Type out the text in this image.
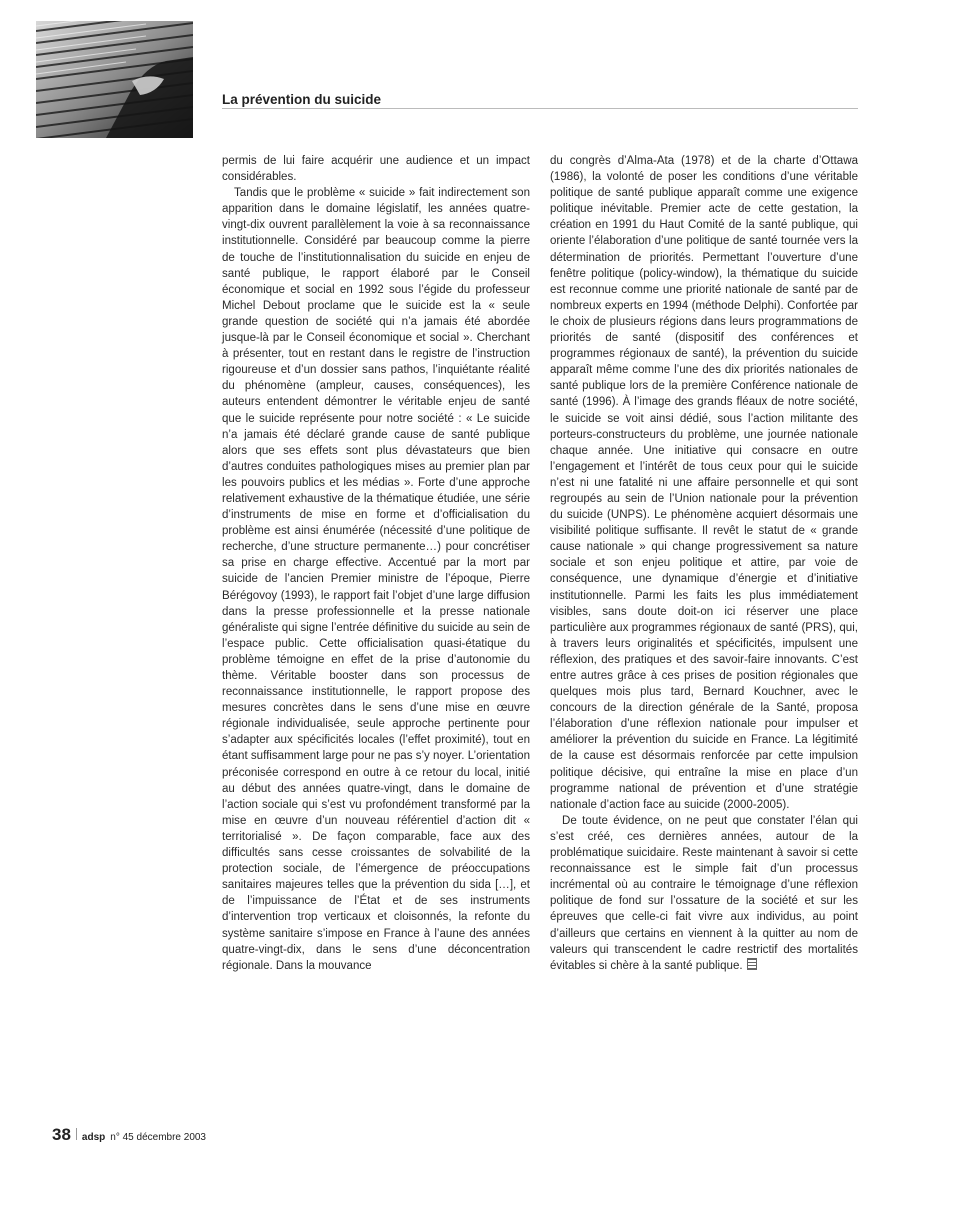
La prévention du suicide

permis de lui faire acquérir une audience et un impact considérables.

Tandis que le problème « suicide » fait indirectement son apparition dans le domaine législatif, les années quatre-vingt-dix ouvrent parallèlement la voie à sa reconnaissance institutionnelle. Considéré par beaucoup comme la pierre de touche de l’institutionnalisation du suicide en enjeu de santé publique, le rapport élaboré par le Conseil économique et social en 1992 sous l’égide du professeur Michel Debout proclame que le suicide est la « seule grande question de société qui n’a jamais été abordée jusque-là par le Conseil économique et social ». Cherchant à présenter, tout en restant dans le registre de l’instruction rigoureuse et d’un dossier sans pathos, l’inquiétante réalité du phénomène (ampleur, causes, conséquences), les auteurs entendent démontrer le véritable enjeu de santé que le suicide représente pour notre société : « Le suicide n’a jamais été déclaré grande cause de santé publique alors que ses effets sont plus dévastateurs que bien d’autres conduites pathologiques mises au premier plan par les pouvoirs publics et les médias ». Forte d’une approche relativement exhaustive de la thématique étudiée, une série d’instruments de mise en forme et d’officialisation du problème est ainsi énumérée (nécessité d’une politique de recherche, d’une structure permanente…) pour concrétiser sa prise en charge effective. Accentué par la mort par suicide de l’ancien Premier ministre de l’époque, Pierre Bérégovoy (1993), le rapport fait l’objet d’une large diffusion dans la presse professionnelle et la presse nationale généraliste qui signe l’entrée définitive du suicide au sein de l’espace public. Cette officialisation quasi-étatique du problème témoigne en effet de la prise d’autonomie du thème. Véritable booster dans son processus de reconnaissance institutionnelle, le rapport propose des mesures concrètes dans le sens d’une mise en œuvre régionale individualisée, seule approche pertinente pour s’adapter aux spécificités locales (l’effet proximité), tout en étant suffisamment large pour ne pas s’y noyer. L’orientation préconisée correspond en outre à ce retour du local, initié au début des années quatre-vingt, dans le domaine de l’action sociale qui s’est vu profondément transformé par la mise en œuvre d’un nouveau référentiel d’action dit « territorialisé ». De façon comparable, face aux des difficultés sans cesse croissantes de solvabilité de la protection sociale, de l’émergence de préoccupations sanitaires majeures telles que la prévention du sida […], et de l’impuissance de l’État et de ses instruments d’intervention trop verticaux et cloisonnés, la refonte du système sanitaire s’impose en France à l’aune des années quatre-vingt-dix, dans le sens d’une déconcentration régionale. Dans la mouvance

du congrès d’Alma-Ata (1978) et de la charte d’Ottawa (1986), la volonté de poser les conditions d’une véritable politique de santé publique apparaît comme une exigence politique inévitable. Premier acte de cette gestation, la création en 1991 du Haut Comité de la santé publique, qui oriente l’élaboration d’une politique de santé tournée vers la détermination de priorités. Permettant l’ouverture d’une fenêtre politique (policy-window), la thématique du suicide est reconnue comme une priorité nationale de santé par de nombreux experts en 1994 (méthode Delphi). Confortée par le choix de plusieurs régions dans leurs programmations de priorités de santé (dispositif des conférences et programmes régionaux de santé), la prévention du suicide apparaît même comme l’une des dix priorités nationales de santé publique lors de la première Conférence nationale de santé (1996). À l’image des grands fléaux de notre société, le suicide se voit ainsi dédié, sous l’action militante des porteurs-constructeurs du problème, une journée nationale chaque année. Une initiative qui consacre en outre l’engagement et l’intérêt de tous ceux pour qui le suicide n’est ni une fatalité ni une affaire personnelle et qui sont regroupés au sein de l’Union nationale pour la prévention du suicide (UNPS). Le phénomène acquiert désormais une visibilité politique suffisante. Il revêt le statut de « grande cause nationale » qui change progressivement sa nature sociale et son enjeu politique et attire, par voie de conséquence, une dynamique d’énergie et d’initiative institutionnelle. Parmi les faits les plus immédiatement visibles, sans doute doit-on ici réserver une place particulière aux programmes régionaux de santé (PRS), qui, à travers leurs originalités et spécificités, impulsent une réflexion, des pratiques et des savoir-faire innovants. C’est entre autres grâce à ces prises de position régionales que quelques mois plus tard, Bernard Kouchner, avec le concours de la direction générale de la Santé, proposa l’élaboration d’une réflexion nationale pour impulser et améliorer la prévention du suicide en France. La légitimité de la cause est désormais renforcée par cette impulsion politique décisive, qui entraîne la mise en place d’un programme national de prévention et d’une stratégie nationale d’action face au suicide (2000-2005).

De toute évidence, on ne peut que constater l’élan qui s’est créé, ces dernières années, autour de la problématique suicidaire. Reste maintenant à savoir si cette reconnaissance est le simple fait d’un processus incrémental où au contraire le témoignage d’une réflexion politique de fond sur l’ossature de la société et sur les épreuves que celle-ci fait vivre aux individus, au point d’ailleurs que certains en viennent à la quitter au nom de valeurs qui transcendent le cadre restrictif des mortalités évitables si chère à la santé publique.

38 adsp n° 45 décembre 2003
